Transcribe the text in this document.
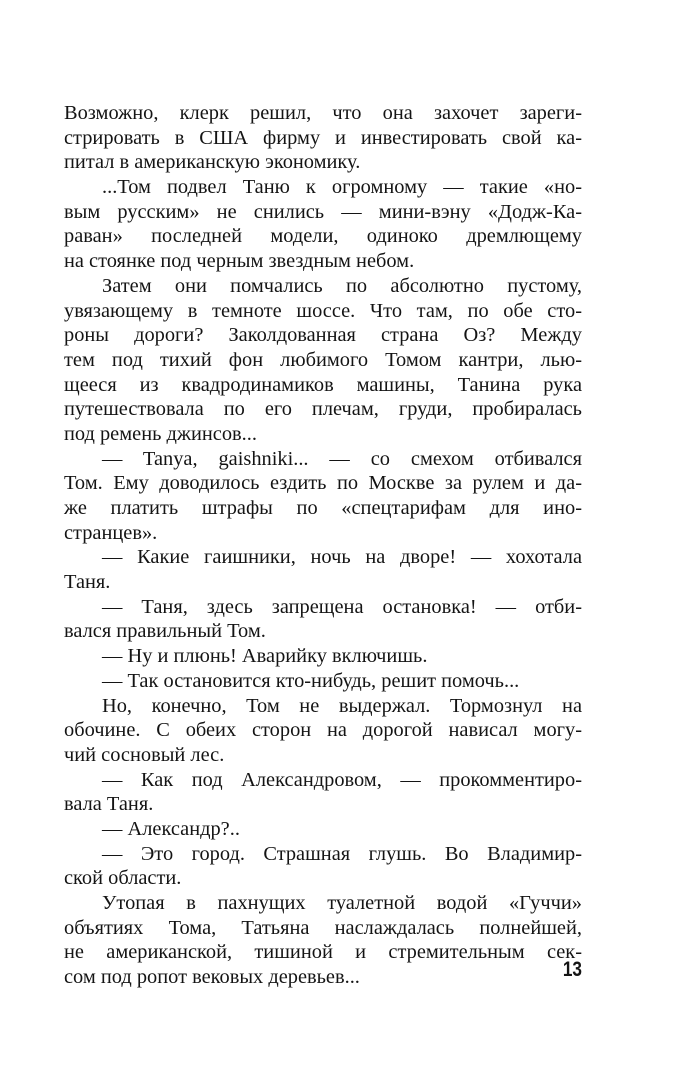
Возможно, клерк решил, что она захочет зареги-
стрировать в США фирму и инвестировать свой ка-
питал в американскую экономику.
...Том подвел Таню к огромному — такие «но-
вым русским» не снились — мини-вэну «Додж-Ка-
раван» последней модели, одиноко дремлющему
на стоянке под черным звездным небом.
Затем они помчались по абсолютно пустому,
увязающему в темноте шоссе. Что там, по обе сто-
роны дороги? Заколдованная страна Оз? Между
тем под тихий фон любимого Томом кантри, лью-
щееся из квадродинамиков машины, Танина рука
путешествовала по его плечам, груди, пробиралась
под ремень джинсов...
— Tanya, gaishniki... — со смехом отбивался
Том. Ему доводилось ездить по Москве за рулем и да-
же платить штрафы по «спецтарифам для ино-
странцев».
— Какие гаишники, ночь на дворе! — хохотала
Таня.
— Таня, здесь запрещена остановка! — отби-
вался правильный Том.
— Ну и плюнь! Аварийку включишь.
— Так остановится кто-нибудь, решит помочь...
Но, конечно, Том не выдержал. Тормознул на
обочине. С обеих сторон на дорогой нависал могу-
чий сосновый лес.
— Как под Александровом, — прокомментиро-
вала Таня.
— Александр?..
— Это город. Страшная глушь. Во Владимир-
ской области.
Утопая в пахнущих туалетной водой «Гуччи»
объятиях Тома, Татьяна наслаждалась полнейшей,
не американской, тишиной и стремительным сек-
сом под ропот вековых деревьев...	13
